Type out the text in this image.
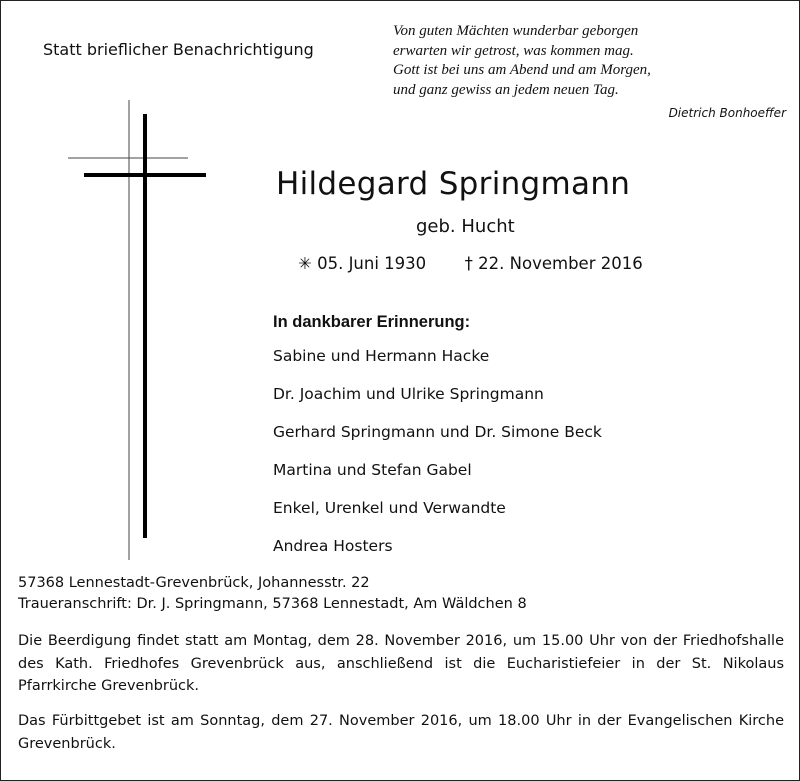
Statt brieflicher Benachrichtigung
Von guten Mächten wunderbar geborgen
erwarten wir getrost, was kommen mag.
Gott ist bei uns am Abend und am Morgen,
und ganz gewiss an jedem neuen Tag.
Dietrich Bonhoeffer
Hildegard Springmann
geb. Hucht
✳ 05. Juni 1930 † 22. November 2016
In dankbarer Erinnerung:
Sabine und Hermann Hacke
Dr. Joachim und Ulrike Springmann
Gerhard Springmann und Dr. Simone Beck
Martina und Stefan Gabel
Enkel, Urenkel und Verwandte
Andrea Hosters
57368 Lennestadt-Grevenbrück, Johannesstr. 22
Traueranschrift: Dr. J. Springmann, 57368 Lennestadt, Am Wäldchen 8
Die Beerdigung findet statt am Montag, dem 28. November 2016, um 15.00 Uhr von der Friedhofshalle des Kath. Friedhofes Grevenbrück aus, anschließend ist die Eucharistiefeier in der St. Nikolaus Pfarrkirche Grevenbrück.
Das Fürbittgebet ist am Sonntag, dem 27. November 2016, um 18.00 Uhr in der Evangelischen Kirche Grevenbrück.
